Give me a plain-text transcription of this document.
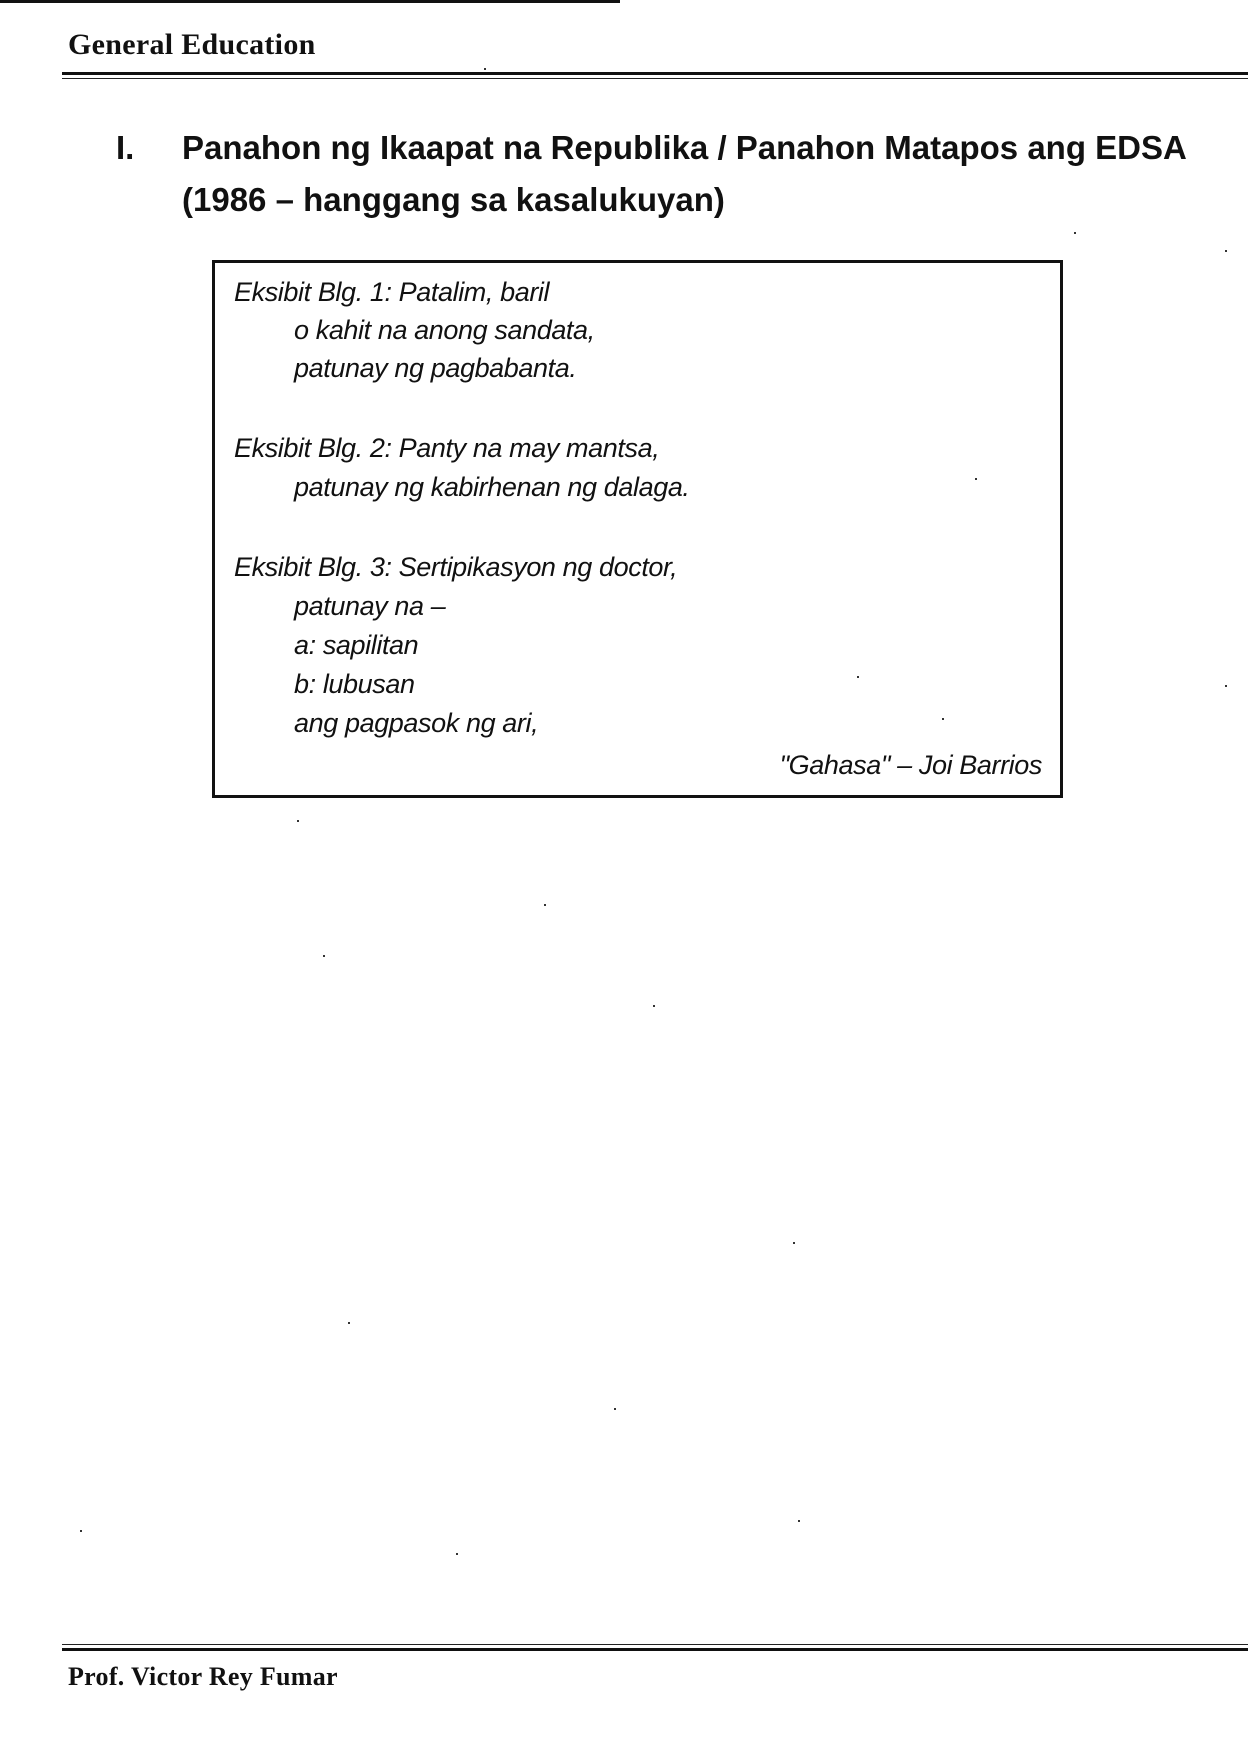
General Education
I. Panahon ng Ikaapat na Republika / Panahon Matapos ang EDSA
(1986 – hanggang sa kasalukuyan)
Eksibit Blg. 1: Patalim, baril
o kahit na anong sandata,
patunay ng pagbabanta.
Eksibit Blg. 2: Panty na may mantsa,
patunay ng kabirhenan ng dalaga.
Eksibit Blg. 3: Sertipikasyon ng doctor,
patunay na –
a: sapilitan
b: lubusan
ang pagpasok ng ari,
"Gahasa" – Joi Barrios
Prof. Victor Rey Fumar
